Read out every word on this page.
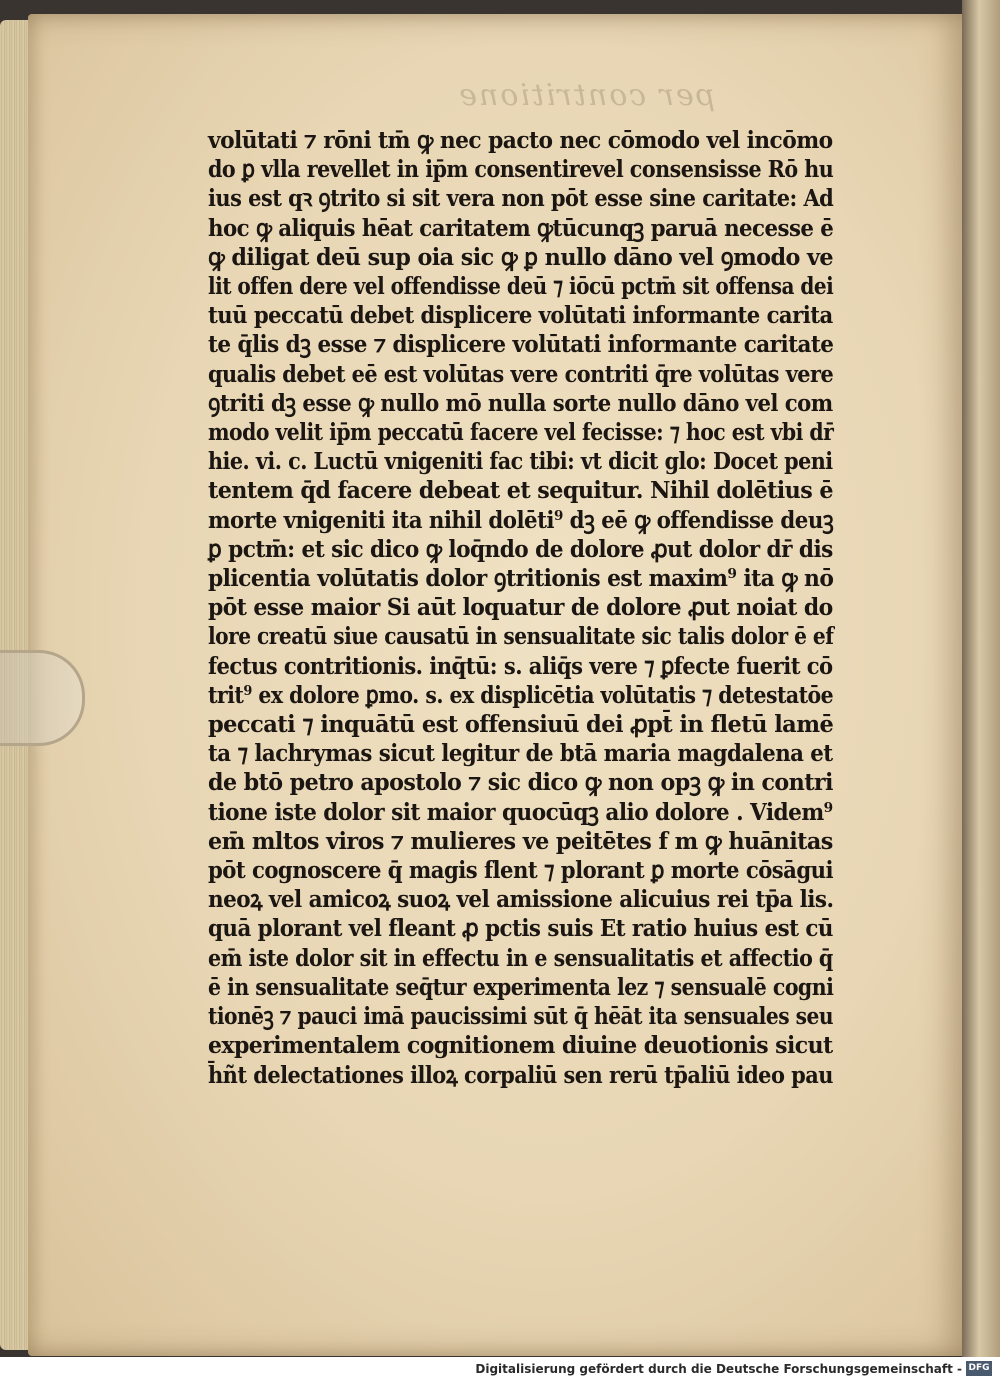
per contritione
volūtati ⁊ rōni tm̄ ꝙ nec pacto nec cōmodo vel incōmo
do ꝑ vlla revellet in ip̄m consentirevel consensisse Rō hu
ius est qꝛ ꝯtrito si sit vera non pōt esse sine caritate: Ad
hoc ꝙ aliquis hēat caritatem ꝙtūcunqꝫ paruā necesse ē
ꝙ diligat deū sup oia sic ꝙ ꝑ nullo dāno vel ꝯmodo ve
lit offen dere vel offendisse deū ⁊ iōcū pctm̄ sit offensa dei
tuū peccatū debet displicere volūtati informante carita
te q̄lis dꝫ esse ⁊ displicere volūtati informante caritate
qualis debet eē est volūtas vere contriti q̄re volūtas vere
ꝯtriti dꝫ esse ꝙ nullo mō nulla sorte nullo dāno vel com
modo velit ip̄m peccatū facere vel fecisse: ⁊ hoc est vbi dr̄
hie. vi. c. Luctū vnigeniti fac tibi: vt dicit glo: Docet peni
tentem q̄d facere debeat et sequitur. Nihil dolētius ē
morte vnigeniti ita nihil dolēti⁹ dꝫ eē ꝙ offendisse deuꝫ
ꝑ pctm̄: et sic dico ꝙ loq̄ndo de dolore ꝓut dolor dr̄ dis
plicentia volūtatis dolor ꝯtritionis est maxim⁹ ita ꝙ nō
pōt esse maior Si aūt loquatur de dolore ꝓut noiat do
lore creatū siue causatū in sensualitate sic talis dolor ē ef
fectus contritionis. inq̄tū: s. aliq̄s vere ⁊ ꝑfecte fuerit cō
trit⁹ ex dolore ꝑmo. s. ex displicētia volūtatis ⁊ detestatōe
peccati ⁊ inquātū est offensiuū dei ꝓpt̄ in fletū lamē
ta ⁊ lachrymas sicut legitur de btā maria magdalena et
de btō petro apostolo ⁊ sic dico ꝙ non opꝫ ꝙ in contri
tione iste dolor sit maior quocūqꝫ alio dolore . Videm⁹
em̄ mltos viros ⁊ mulieres ve peitētes f m ꝙ huānitas
pōt cognoscere q̄ magis flent ⁊ plorant ꝑ morte cōsāgui
neoꝝ vel amicoꝝ suoꝝ vel amissione alicuius rei tp̄a lis.
quā plorant vel fleant ꝓ pctis suis Et ratio huius est cū
em̄ iste dolor sit in effectu in e sensualitatis et affectio q̄
ē in sensualitate seq̄tur experimenta lez ⁊ sensualē cogni
tionēꝫ ⁊ pauci imā paucissimi sūt q̄ hēāt ita sensuales seu
experimentalem cognitionem diuine deuotionis sicut
h̄ñt delectationes illoꝝ corpaliū sen rerū tp̄aliū ideo pau
Digitalisierung gefördert durch die Deutsche Forschungsgemeinschaft - DFG
